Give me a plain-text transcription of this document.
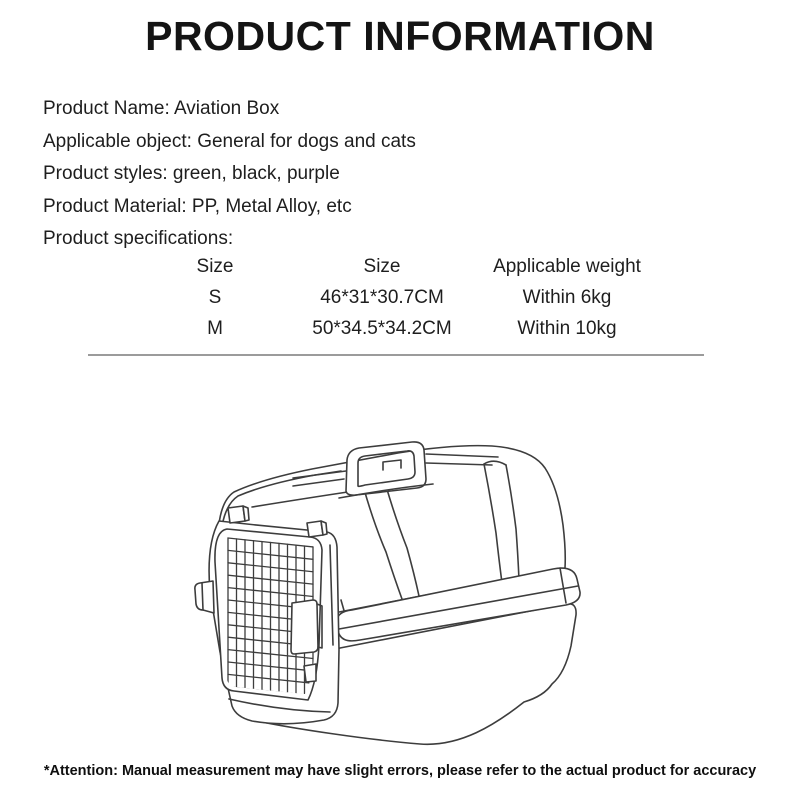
PRODUCT INFORMATION
Product Name: Aviation Box
Applicable object: General for dogs and cats
Product styles: green, black, purple
Product Material: PP, Metal Alloy, etc
Product specifications:
Size	Size	Applicable weight
S	46*31*30.7CM	Within 6kg
M	50*34.5*34.2CM	Within 10kg
*Attention: Manual measurement may have slight errors, please refer to the actual product for accuracy
